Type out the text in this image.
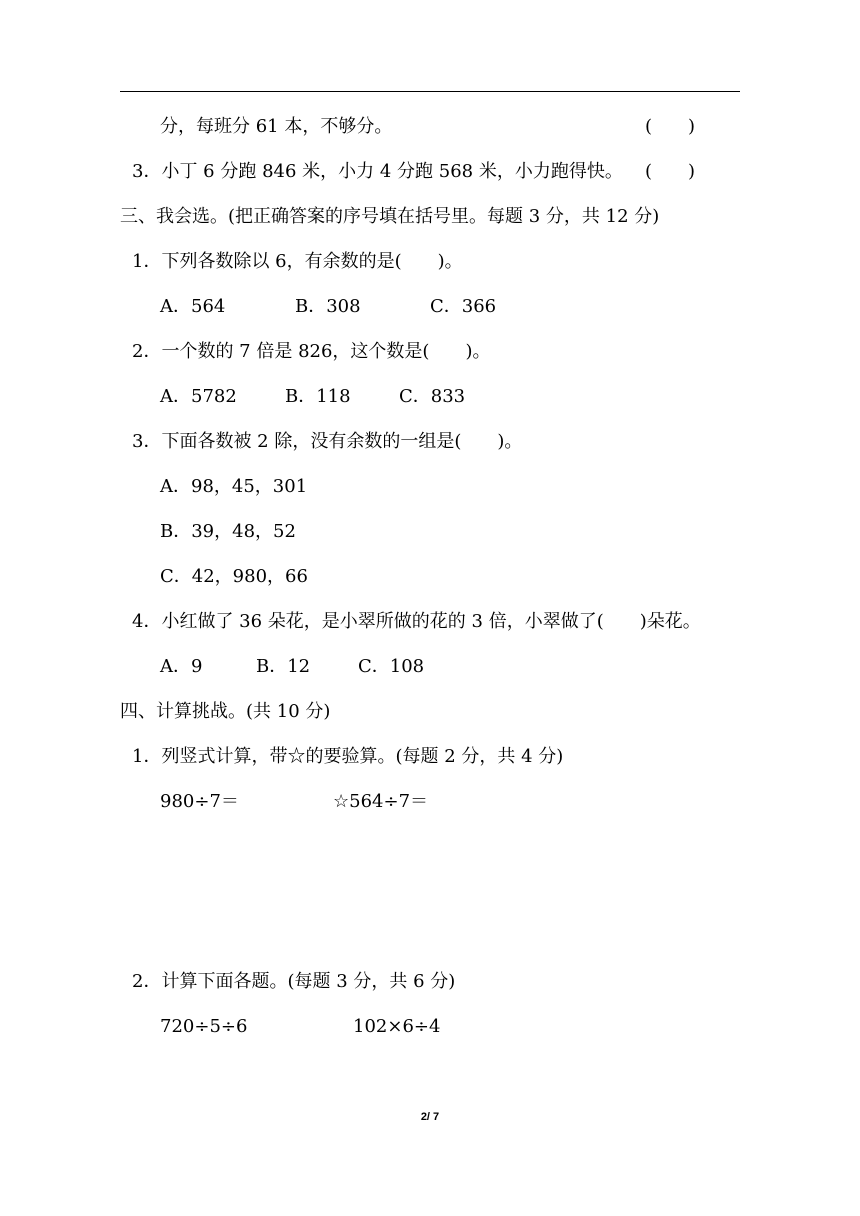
分，每班分 61 本，不够分。	(　　)
3．小丁 6 分跑 846 米，小力 4 分跑 568 米，小力跑得快。 (　　)
三、我会选。(把正确答案的序号填在括号里。每题 3 分，共 12 分)
1．下列各数除以 6，有余数的是(　　)。
A．564	B．308	C．366
2．一个数的 7 倍是 826，这个数是(　　)。
A．5782	B．118	C．833
3．下面各数被 2 除，没有余数的一组是(　　)。
A．98，45，301
B．39，48，52
C．42，980，66
4．小红做了 36 朵花，是小翠所做的花的 3 倍，小翠做了(　　)朵花。
A．9	B．12	C．108
四、计算挑战。(共 10 分)
1．列竖式计算，带☆的要验算。(每题 2 分，共 4 分)
980÷7＝	☆564÷7＝
2．计算下面各题。(每题 3 分，共 6 分)
720÷5÷6	102×6÷4
2/ 7
